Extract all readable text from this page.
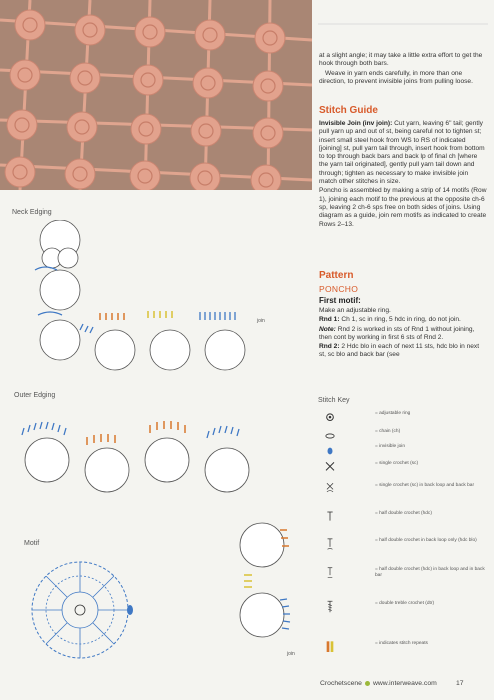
at a slight angle; it may take a little extra effort to get the hook through both bars.

Weave in yarn ends carefully, in more than one direction, to prevent invisible joins from pulling loose.

Stitch Guide

Invisible Join (inv join): Cut yarn, leaving 6" tail; gently pull yarn up and out of st, being careful not to tighten st; insert small steel hook from WS to RS of indicated [joining] st, pull yarn tail through, insert hook from bottom to top through back bars and back lp of final ch [where the yarn tail originated], gently pull yarn tail down and through; tighten as necessary to make invisible join match other stitches in size.

Poncho is assembled by making a strip of 14 motifs (Row 1), joining each motif to the previous at the opposite ch-6 sp, leaving 2 ch-6 sps free on both sides of joins. Using diagram as a guide, join rem motifs as indicated to create Rows 2–13.

Pattern
PONCHO
First motif:

Make an adjustable ring.

Rnd 1: Ch 1, sc in ring, 5 hdc in ring, do not join.

Note: Rnd 2 is worked in sts of Rnd 1 without joining, then cont by working in first 6 sts of Rnd 2.

Rnd 2: 2 Hdc blo in each of next 11 sts, hdc blo in next st, sc blo and back bar (see

Neck Edging
Outer Edging
Motif
join
join
Stitch Key
= adjustable ring
= chain (ch)
= invisible join
= single crochet (sc)
= single crochet (sc) in back loop and back bar
= half double crochet (hdc)
= half double crochet in back loop only (hdc blo)
= half double crochet (hdc) in back loop and in back bar
= double treble crochet (dtr)
= indicates stitch repeats
Crochetscene www.interweave.com	17
